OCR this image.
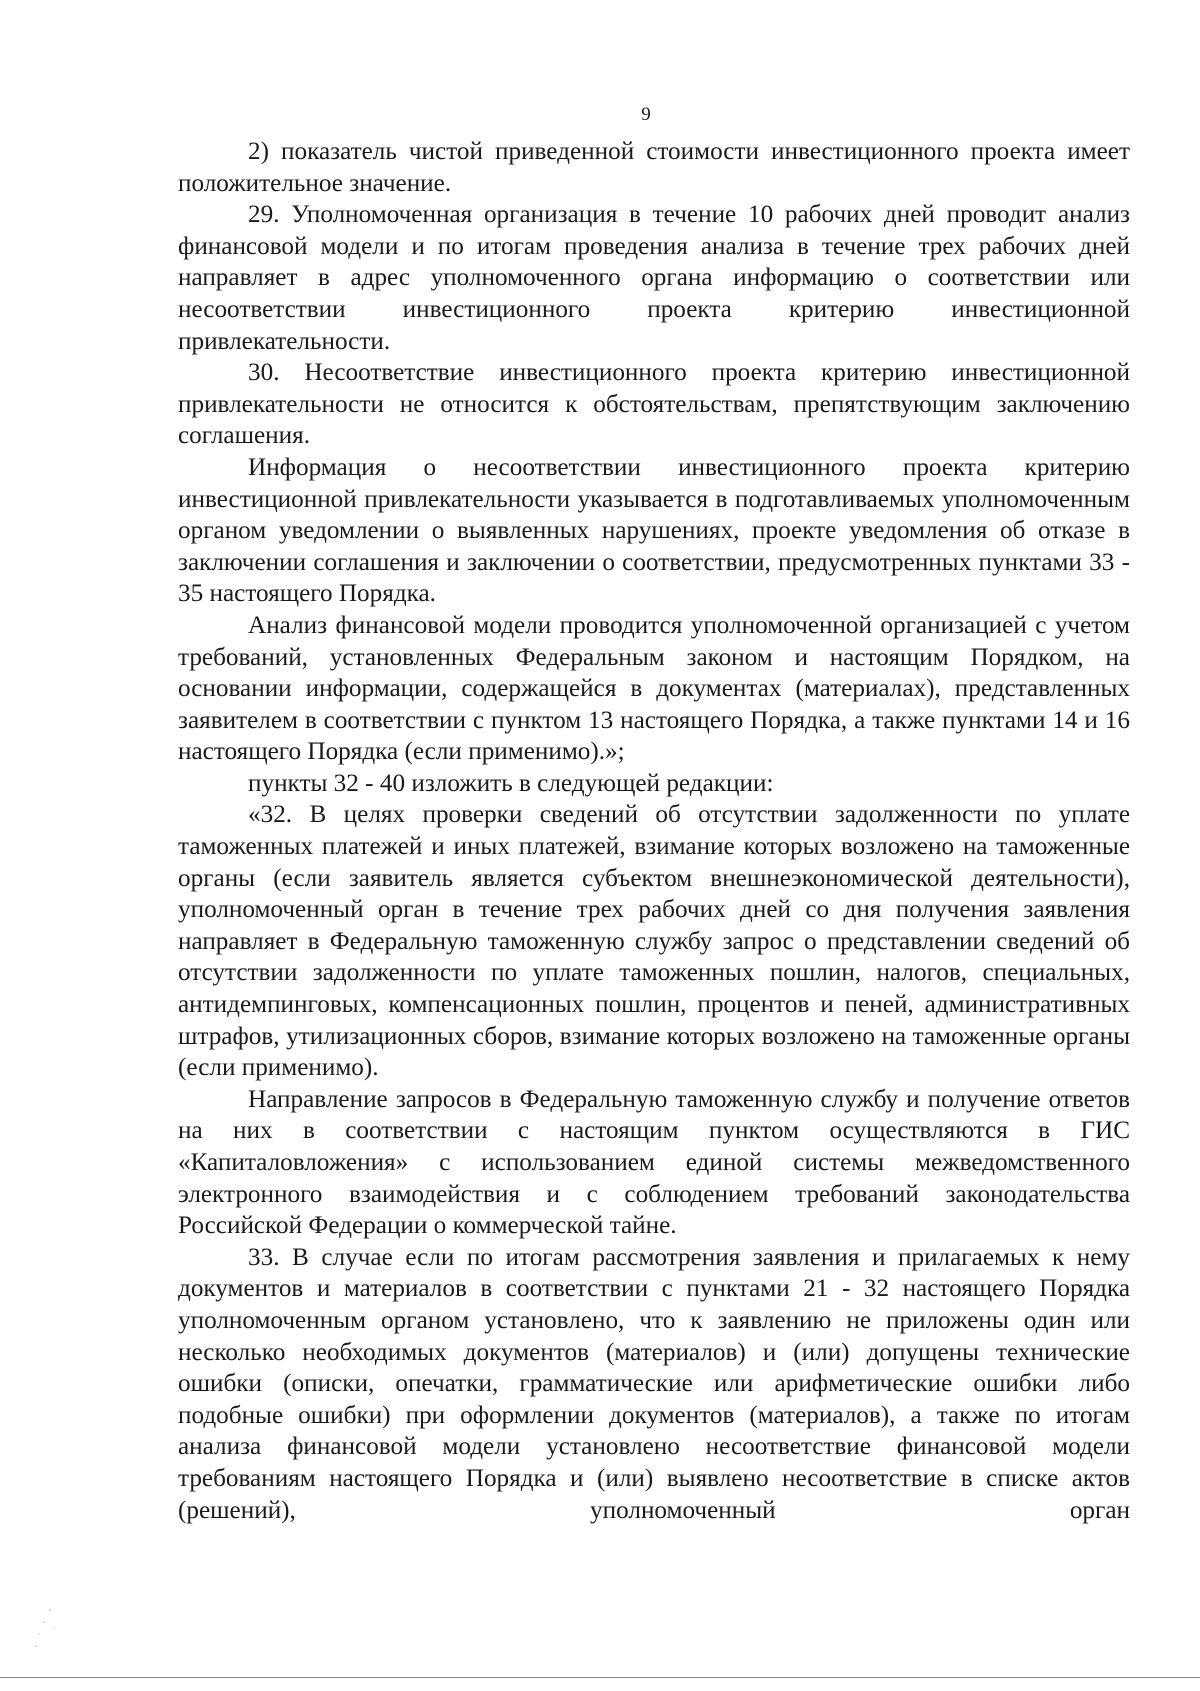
9

2) показатель чистой приведенной стоимости инвестиционного проекта имеет положительное значение.

29. Уполномоченная организация в течение 10 рабочих дней проводит анализ финансовой модели и по итогам проведения анализа в течение трех рабочих дней направляет в адрес уполномоченного органа информацию о соответствии или несоответствии инвестиционного проекта критерию инвестиционной привлекательности.

30. Несоответствие инвестиционного проекта критерию инвестиционной привлекательности не относится к обстоятельствам, препятствующим заключению соглашения.

Информация о несоответствии инвестиционного проекта критерию инвестиционной привлекательности указывается в подготавливаемых уполномоченным органом уведомлении о выявленных нарушениях, проекте уведомления об отказе в заключении соглашения и заключении о соответствии, предусмотренных пунктами 33 - 35 настоящего Порядка.

Анализ финансовой модели проводится уполномоченной организацией с учетом требований, установленных Федеральным законом и настоящим Порядком, на основании информации, содержащейся в документах (материалах), представленных заявителем в соответствии с пунктом 13 настоящего Порядка, а также пунктами 14 и 16 настоящего Порядка (если применимо).»;

пункты 32 - 40 изложить в следующей редакции:

«32. В целях проверки сведений об отсутствии задолженности по уплате таможенных платежей и иных платежей, взимание которых возложено на таможенные органы (если заявитель является субъектом внешнеэкономической деятельности), уполномоченный орган в течение трех рабочих дней со дня получения заявления направляет в Федеральную таможенную службу запрос о представлении сведений об отсутствии задолженности по уплате таможенных пошлин, налогов, специальных, антидемпинговых, компенсационных пошлин, процентов и пеней, административных штрафов, утилизационных сборов, взимание которых возложено на таможенные органы (если применимо).

Направление запросов в Федеральную таможенную службу и получение ответов на них в соответствии с настоящим пунктом осуществляются в ГИС «Капиталовложения» с использованием единой системы межведомственного электронного взаимодействия и с соблюдением требований законодательства Российской Федерации о коммерческой тайне.

33. В случае если по итогам рассмотрения заявления и прилагаемых к нему документов и материалов в соответствии с пунктами 21 - 32 настоящего Порядка уполномоченным органом установлено, что к заявлению не приложены один или несколько необходимых документов (материалов) и (или) допущены технические ошибки (описки, опечатки, грамматические или арифметические ошибки либо подобные ошибки) при оформлении документов (материалов), а также по итогам анализа финансовой модели установлено несоответствие финансовой модели требованиям настоящего Порядка и (или) выявлено несоответствие в списке актов (решений), уполномоченный орган
